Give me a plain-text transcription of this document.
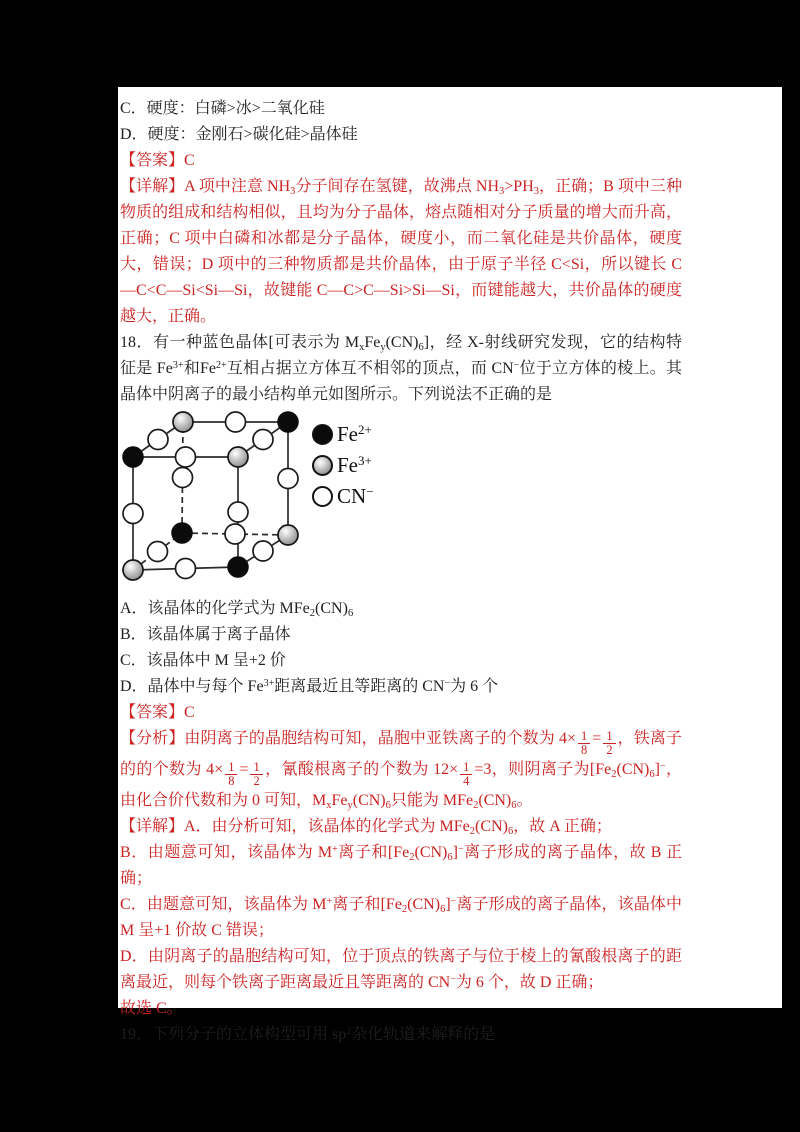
C．硬度：白磷>冰>二氧化硅

D．硬度：金刚石>碳化硅>晶体硅

【答案】C

【详解】A 项中注意 $NH_3$分子间存在氢键，故沸点 $NH_3>PH_3$，正确；B 项中三种物质的组成和结构相似，且均为分子晶体，熔点随相对分子质量的增大而升高，正确；C 项中白磷和冰都是分子晶体，硬度小，而二氧化硅是共价晶体，硬度大，错误；D 项中的三种物质都是共价晶体，由于原子半径 C<Si，所以键长 C—C<C—Si<Si—Si，故键能 C—C>C—Si>Si—Si，而键能越大，共价晶体的硬度越大，正确。

18．有一种蓝色晶体[可表示为 $M_xFe_y(CN)_6$]，经 X-射线研究发现，它的结构特征是 $Fe^{3+}$和$Fe^{2+}$互相占据立方体互不相邻的顶点，而 CN−位于立方体的棱上。其晶体中阴离子的最小结构单元如图所示。下列说法不正确的是

$Fe^{2+}$
$Fe^{3+}$
CN−

A．该晶体的化学式为 $MFe_2(CN)_6$

B．该晶体属于离子晶体

C．该晶体中 M 呈+2 价

D．晶体中与每个 $Fe^{3+}$距离最近且等距离的 CN−为 6 个

【答案】C

【分析】由阴离子的晶胞结构可知，晶胞中亚铁离子的个数为 $4\times \frac{1}{8} = \frac{1}{2}$ ，铁离子的的个数为 $4\times \frac{1}{8} = \frac{1}{2}$ ，氰酸根离子的个数为 $12\times \frac{1}{4} =3$，则阴离子为$[Fe_2(CN)_6]^-$，由化合价代数和为 0 可知，$M_xFe_y(CN)_6$只能为 $MFe_2(CN)_6$。

【详解】A．由分析可知，该晶体的化学式为 $MFe_2(CN)_6$，故 A 正确；

B．由题意可知，该晶体为 M+离子和$[Fe_2(CN)_6]^-$离子形成的离子晶体，故 B 正确；

C．由题意可知，该晶体为 M+离子和$[Fe_2(CN)_6]^-$离子形成的离子晶体，该晶体中 M 呈+1 价故 C 错误；

D．由阴离子的晶胞结构可知，位于顶点的铁离子与位于棱上的氰酸根离子的距离最近，则每个铁离子距离最近且等距离的 CN−为 6 个，故 D 正确；

故选 C。

19．下列分子的立体构型可用 $sp^2$杂化轨道来解释的是
